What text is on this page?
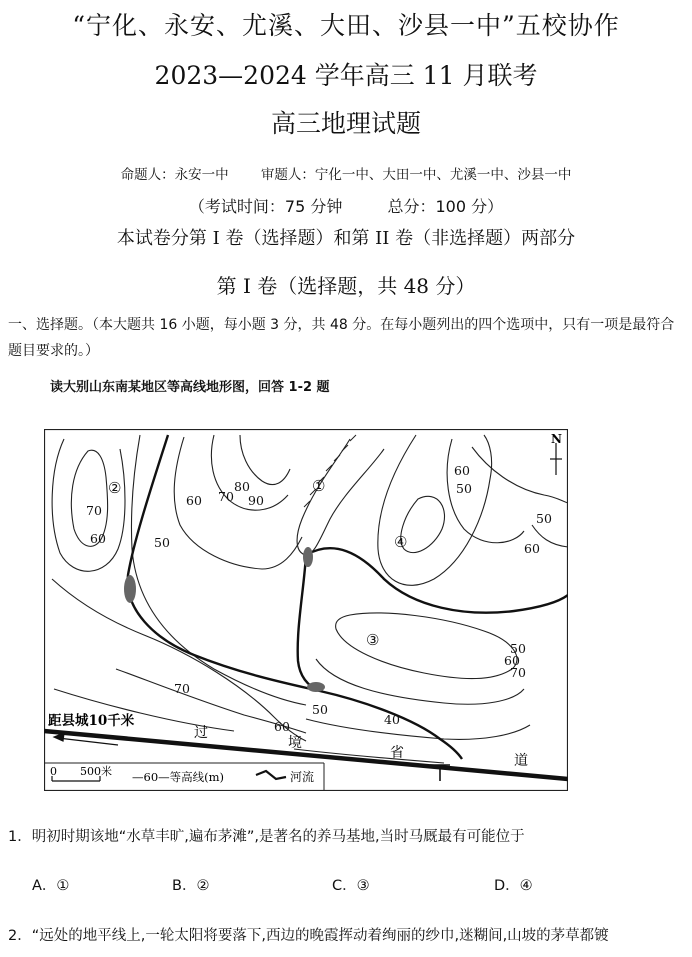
“宁化、永安、尤溪、大田、沙县一中”五校协作
2023—2024 学年高三 11 月联考
高三地理试题
命题人：永安一中 审题人：宁化一中、大田一中、尤溪一中、沙县一中
（考试时间：75 分钟	总分：100 分）
本试卷分第 I 卷（选择题）和第 II 卷（非选择题）两部分
第 I 卷（选择题，共 48 分）
一、选择题。（本大题共 16 小题，每小题 3 分，共 48 分。在每小题列出的四个选项中，只有一项是最符合题目要求的。）
读大别山东南某地区等高线地形图，回答 1-2 题
N
70
60
60 70
80
90
50
60
50
50
60
50
60
70
70
60
50
40
②	①
④
③
距县城10千米
过
境
省	道
0 500米 —60—等高线(m)	河流
1．明初时期该地“水草丰旷,遍布茅滩”,是著名的养马基地,当时马厩最有可能位于
A．①	B．②	C．③	D．④
2．“远处的地平线上,一轮太阳将要落下,西边的晚霞挥动着绚丽的纱巾,迷糊间,山坡的茅草都镀
